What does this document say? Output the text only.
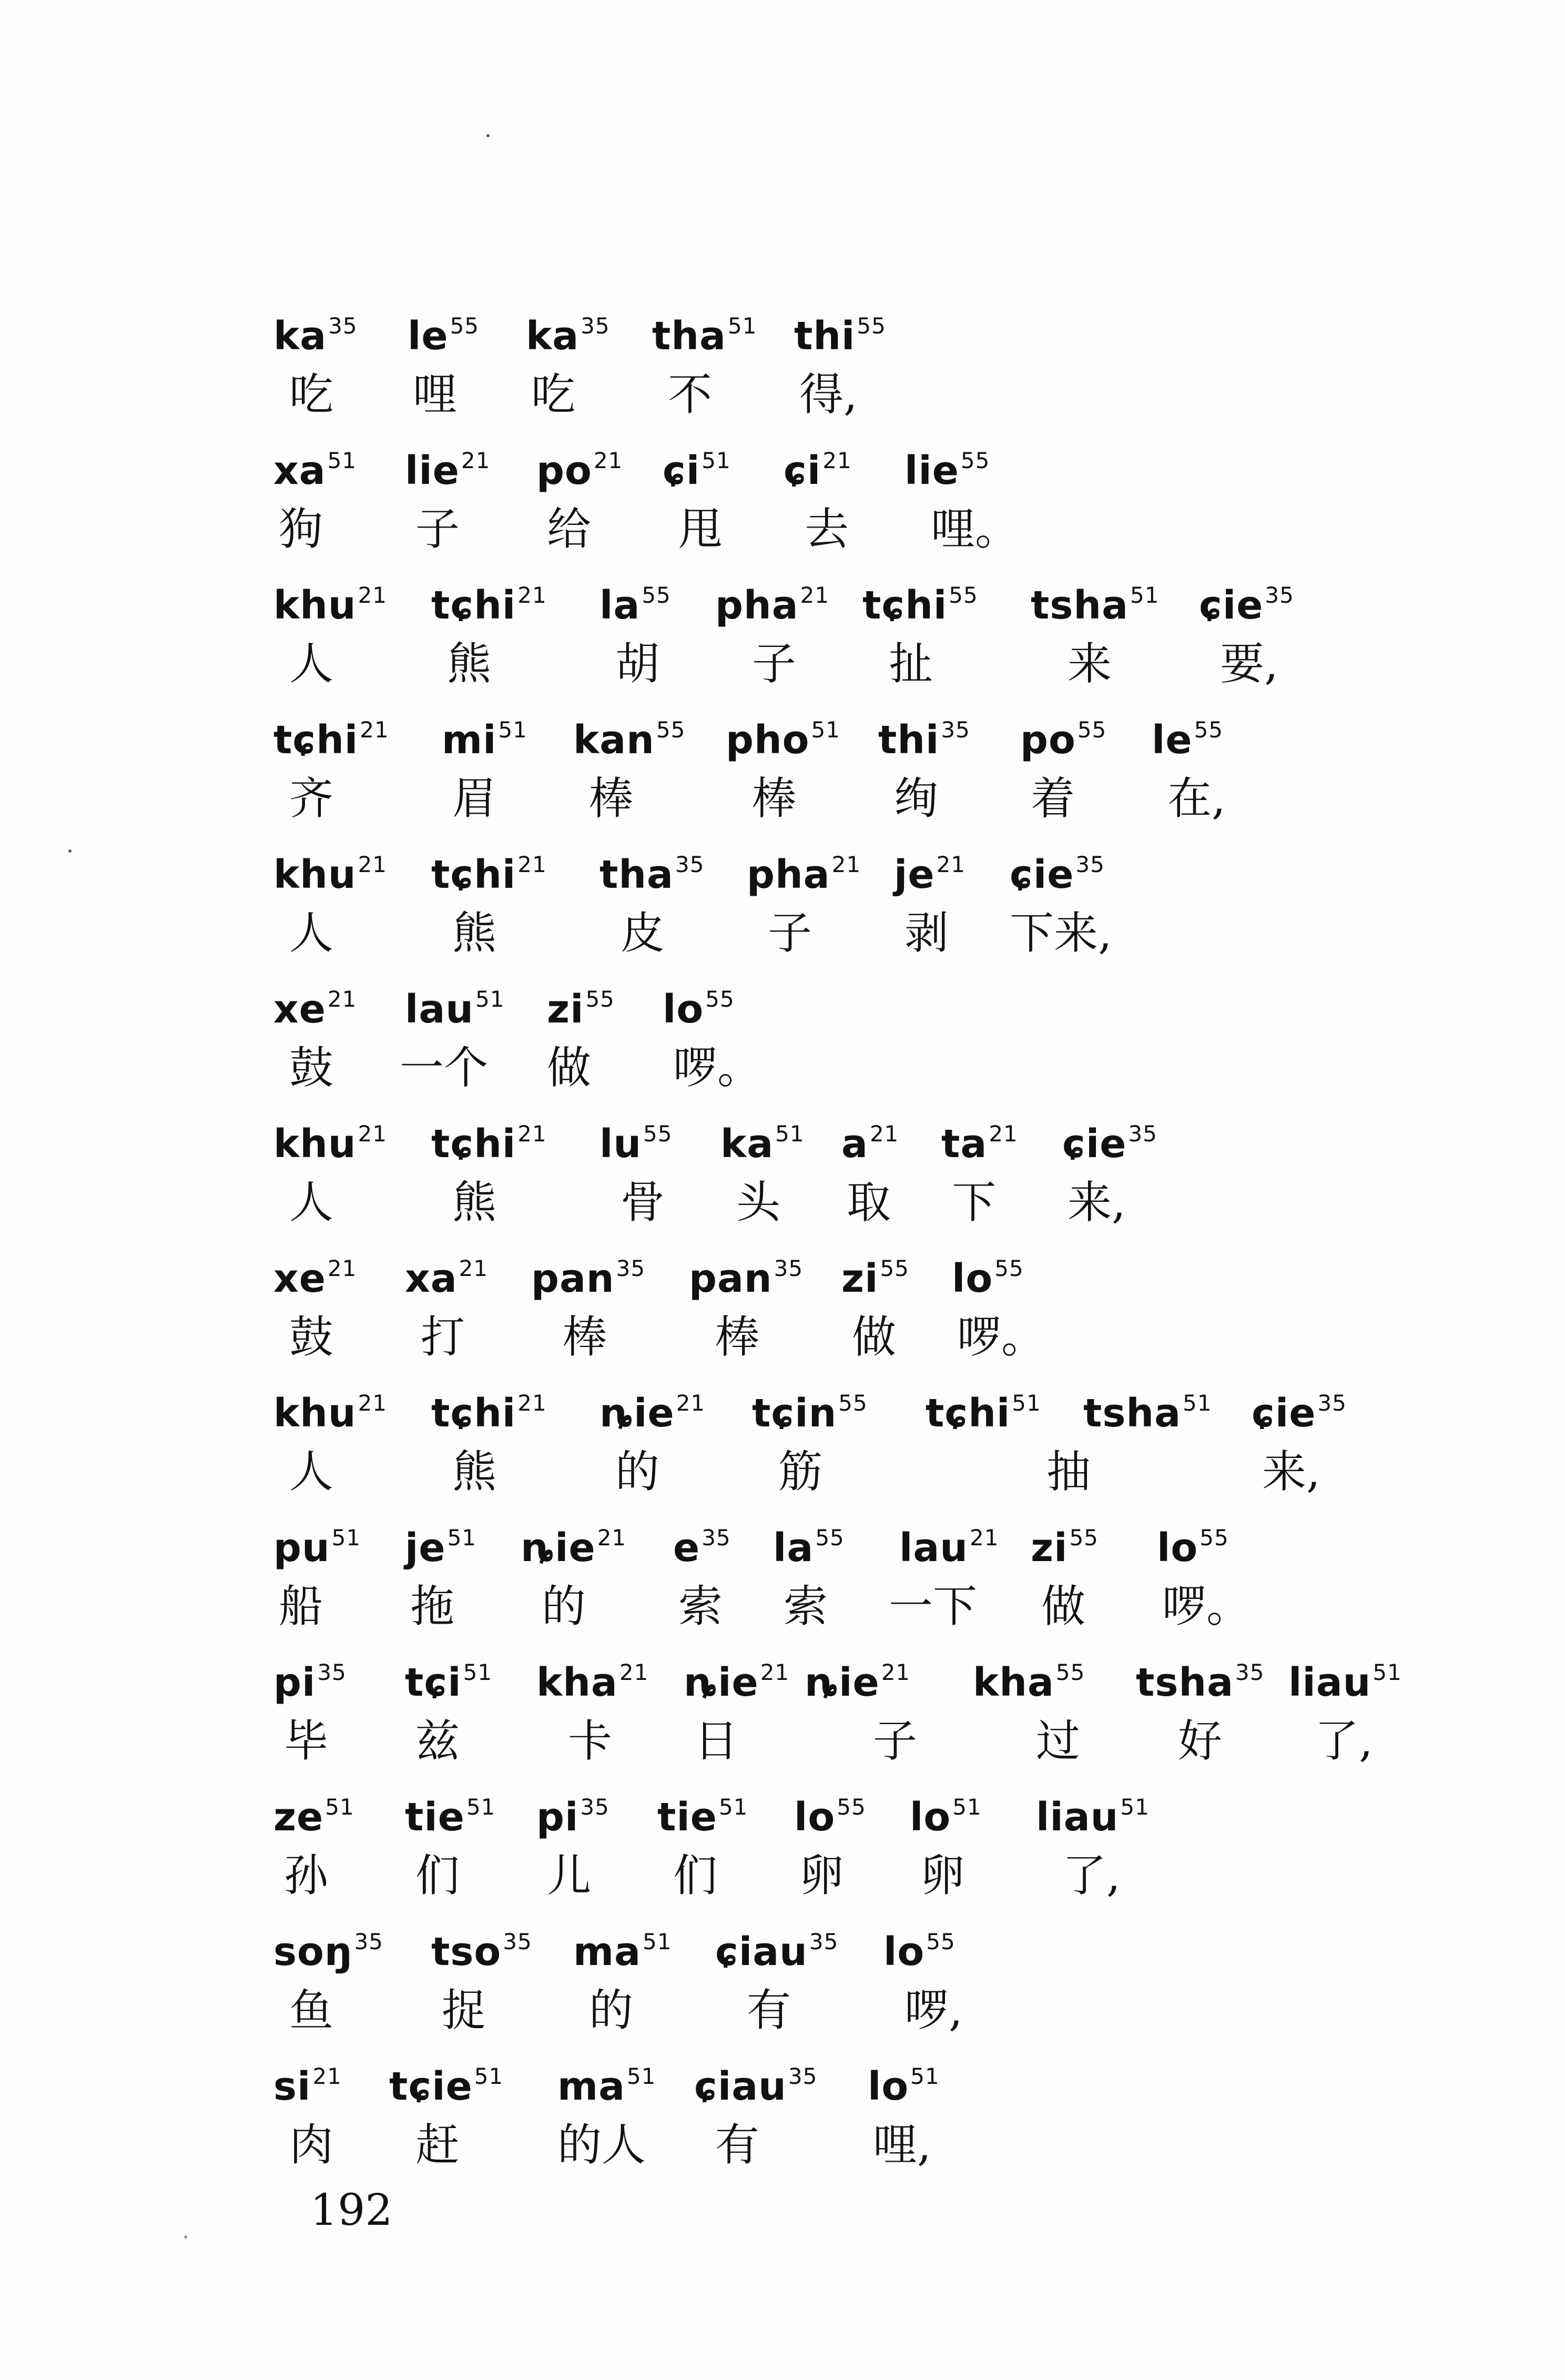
$ka^{35}$ $le^{55}$ $ka^{35}$ tha$^{51}$ thi$^{55}$
吃 哩 吃 不 得,
$xa^{51}$ lie$^{21}$ $po^{21}$ ɕi$^{51}$ ɕi$^{21}$ lie$^{55}$
狗 子 给 甩 去 哩。
khu$^{21}$ tɕhi$^{21}$ $la^{55}$ pha$^{21}$ tɕhi$^{55}$ tsha$^{51}$ ɕie$^{35}$
人	熊	胡 子 扯	来 要,
tɕhi$^{21}$ $mi^{51}$ kan$^{55}$ pho$^{51}$ thi$^{35}$ $po^{55}$ $le^{55}$
齐	眉 棒	棒 绚 着 在,
khu$^{21}$ tɕhi$^{21}$ tha$^{35}$ pha$^{21}$ $je^{21}$ ɕie$^{35}$
人	熊	皮 子 剥 下来,
$xe^{21}$ lau$^{51}$ $zi^{55}$ $lo^{55}$
鼓 一个 做 啰。
khu$^{21}$ tɕhi$^{21}$ $lu^{55}$ $ka^{51}$ $a^{21}$ $ta^{21}$ ɕie$^{35}$
人	熊	骨 头 取 下 来,
$xe^{21}$ $xa^{21}$ pan$^{35}$ pan$^{35}$ $zi^{55}$ $lo^{55}$
鼓 打 棒 棒 做 啰。
khu$^{21}$ tɕhi$^{21}$ ȵie$^{21}$ tɕin$^{55}$ tɕhi$^{51}$ tsha$^{51}$ ɕie$^{35}$
人	熊	的	筋	抽	来,
$pu^{51}$ $je^{51}$ ȵie$^{21}$ $e^{35}$ $la^{55}$ lau$^{21}$ $zi^{55}$ $lo^{55}$
船 拖 的 索 索 一下 做 啰。
$pi^{35}$ tɕi$^{51}$ kha$^{21}$ ȵie$^{21}$ ȵie$^{21}$ kha$^{55}$ tsha$^{35}$ liau$^{51}$
毕 兹 卡 日	子	过 好 了,
$ze^{51}$ tie$^{51}$ $pi^{35}$ tie$^{51}$ $lo^{55}$ $lo^{51}$ liau$^{51}$
孙 们 儿 们 卵 卵 了,
soŋ$^{35}$ tso$^{35}$ $ma^{51}$ ɕiau$^{35}$ $lo^{55}$
鱼 捉 的	有	啰,
$si^{21}$ tɕie$^{51}$ $ma^{51}$ ɕiau$^{35}$ $lo^{51}$
肉 赶 的人 有	哩,
192
